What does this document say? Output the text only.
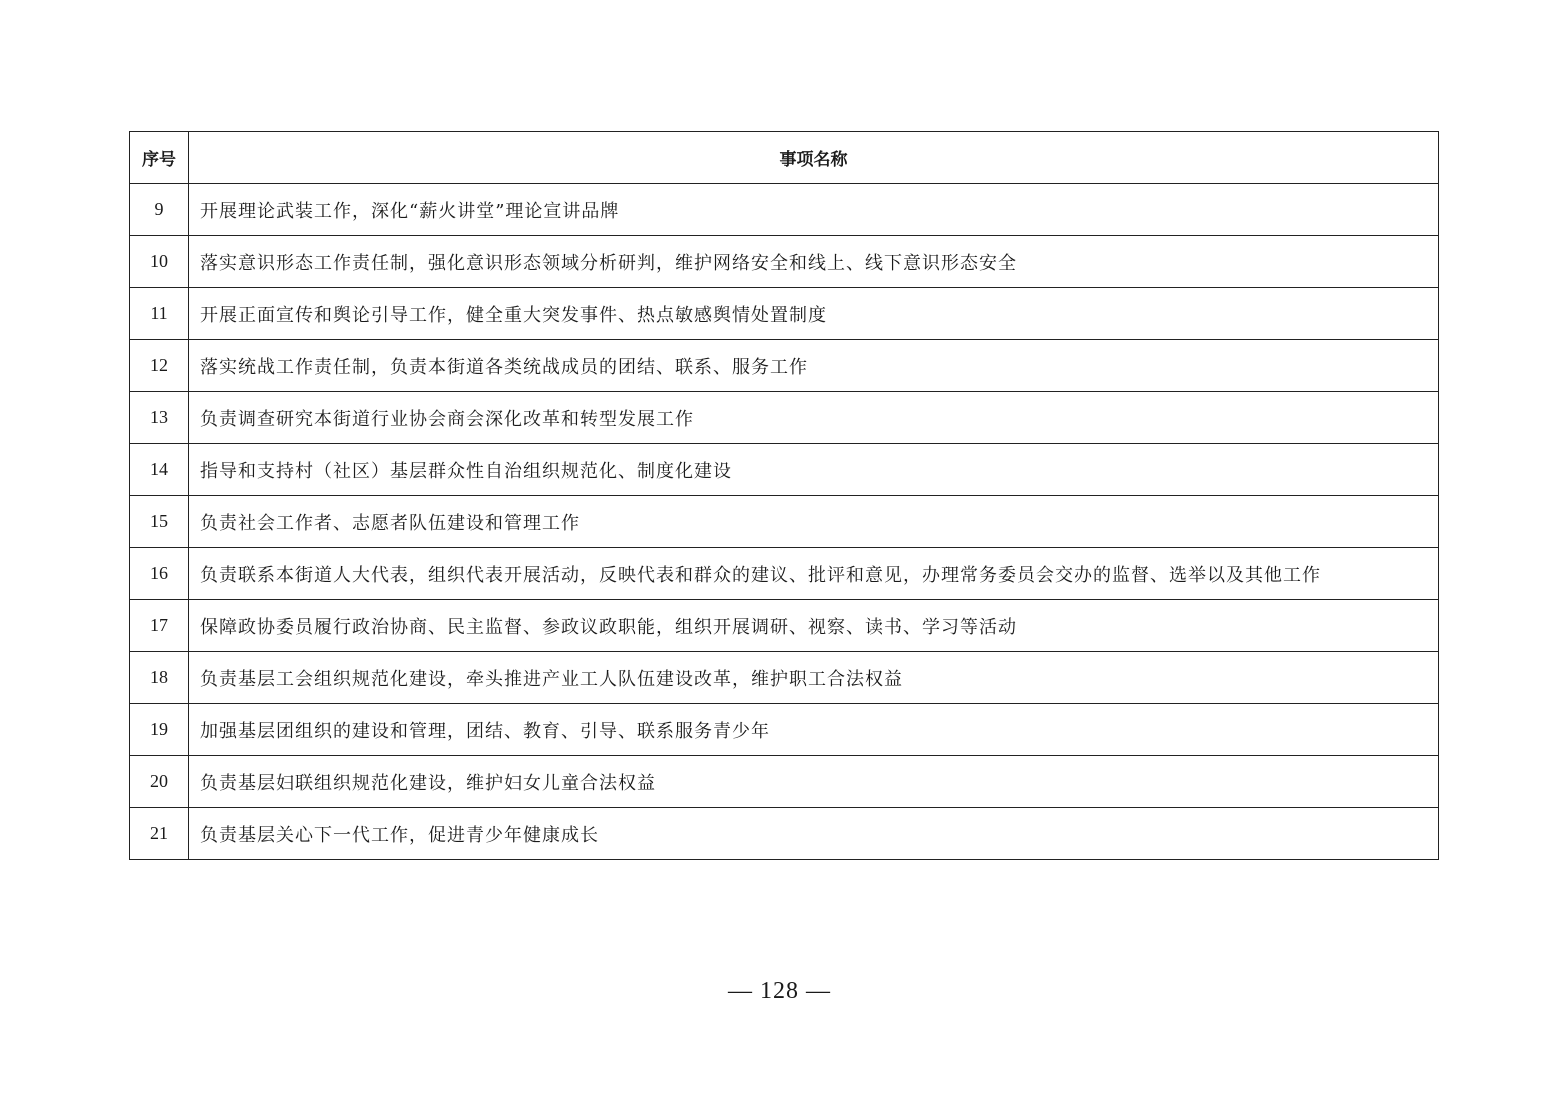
序号	事项名称
9	开展理论武装工作，深化“薪火讲堂”理论宣讲品牌
10	落实意识形态工作责任制，强化意识形态领域分析研判，维护网络安全和线上、线下意识形态安全
11	开展正面宣传和舆论引导工作，健全重大突发事件、热点敏感舆情处置制度
12	落实统战工作责任制，负责本街道各类统战成员的团结、联系、服务工作
13	负责调查研究本街道行业协会商会深化改革和转型发展工作
14	指导和支持村（社区）基层群众性自治组织规范化、制度化建设
15	负责社会工作者、志愿者队伍建设和管理工作
16	负责联系本街道人大代表，组织代表开展活动，反映代表和群众的建议、批评和意见，办理常务委员会交办的监督、选举以及其他工作
17	保障政协委员履行政治协商、民主监督、参政议政职能，组织开展调研、视察、读书、学习等活动
18	负责基层工会组织规范化建设，牵头推进产业工人队伍建设改革，维护职工合法权益
19	加强基层团组织的建设和管理，团结、教育、引导、联系服务青少年
20	负责基层妇联组织规范化建设，维护妇女儿童合法权益
21	负责基层关心下一代工作，促进青少年健康成长
— 128 —
